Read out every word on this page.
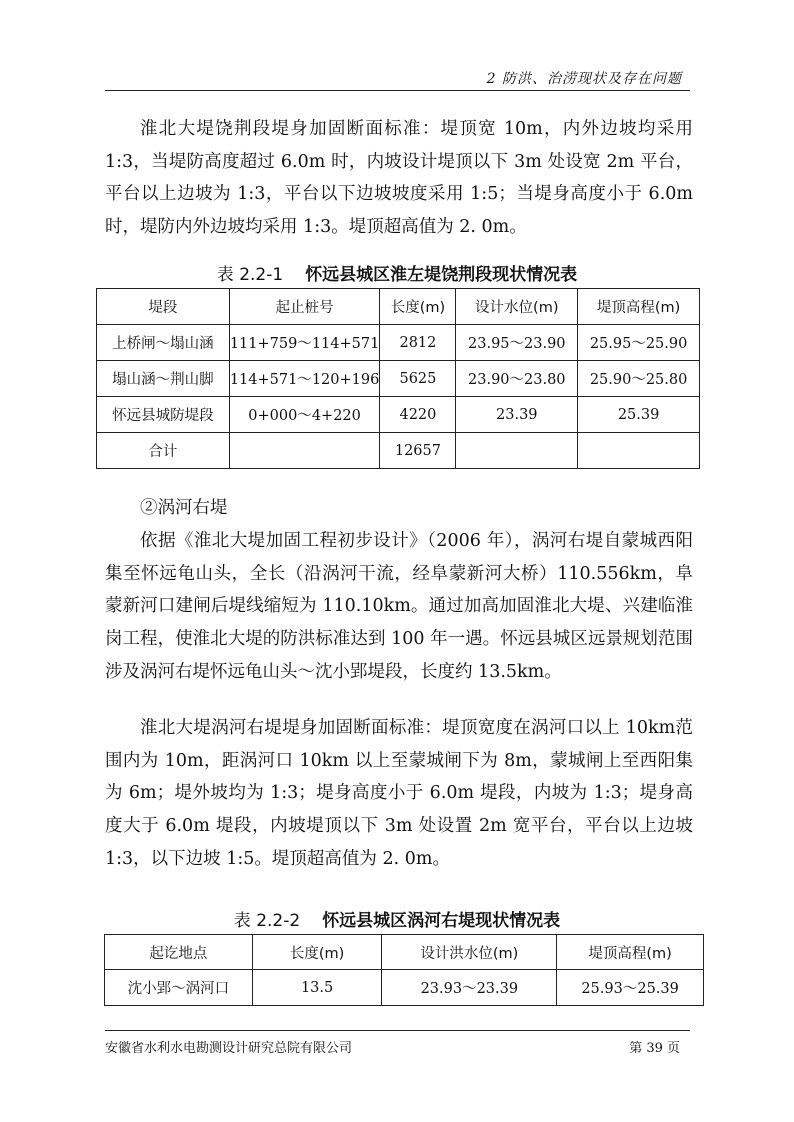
2 防洪、治涝现状及存在问题

淮北大堤饶荆段堤身加固断面标准：堤顶宽 10m，内外边坡均采用1:3，当堤防高度超过 6.0m 时，内坡设计堤顶以下 3m 处设宽 2m 平台，平台以上边坡为 1:3，平台以下边坡坡度采用 1:5；当堤身高度小于 6.0m时，堤防内外边坡均采用 1:3。堤顶超高值为 2. 0m。

表 2.2-1 怀远县城区淮左堤饶荆段现状情况表
堤段	起止桩号	长度(m)	设计水位(m)	堤顶高程(m)
上桥闸～塌山涵	111+759～114+571	2812	23.95～23.90	25.95～25.90
塌山涵～荆山脚	114+571～120+196	5625	23.90～23.80	25.90～25.80
怀远县城防堤段	0+000～4+220	4220	23.39	25.39
合计		12657		

②涡河右堤

依据《淮北大堤加固工程初步设计》（2006 年），涡河右堤自蒙城西阳集至怀远龟山头，全长（沿涡河干流，经阜蒙新河大桥）110.556km，阜蒙新河口建闸后堤线缩短为 110.10km。通过加高加固淮北大堤、兴建临淮岗工程，使淮北大堤的防洪标准达到 100 年一遇。怀远县城区远景规划范围涉及涡河右堤怀远龟山头～沈小郢堤段，长度约 13.5km。

淮北大堤涡河右堤堤身加固断面标准：堤顶宽度在涡河口以上 10km范围内为 10m，距涡河口 10km 以上至蒙城闸下为 8m，蒙城闸上至西阳集为 6m；堤外坡均为 1:3；堤身高度小于 6.0m 堤段，内坡为 1:3；堤身高度大于 6.0m 堤段，内坡堤顶以下 3m 处设置 2m 宽平台，平台以上边坡 1:3，以下边坡 1:5。堤顶超高值为 2. 0m。

表 2.2-2 怀远县城区涡河右堤现状情况表
起讫地点	长度(m)	设计洪水位(m)	堤顶高程(m)
沈小郢～涡河口	13.5	23.93～23.39	25.93～25.39
安徽省水利水电勘测设计研究总院有限公司	第 39 页
